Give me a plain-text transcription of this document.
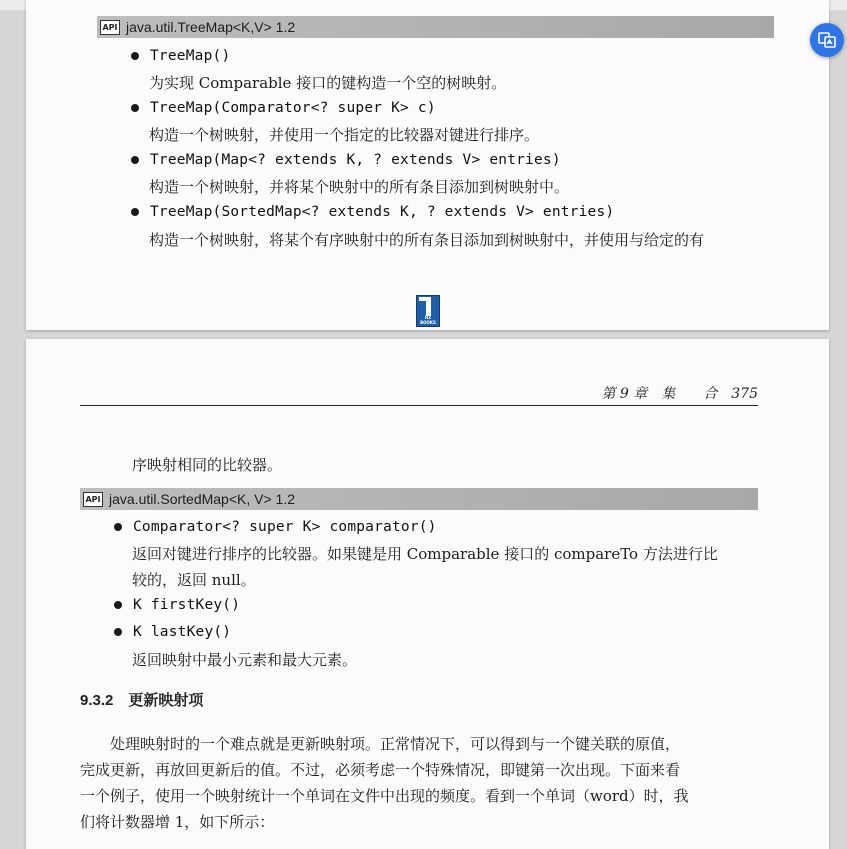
API java.util.TreeMap<K,V> 1.2
TreeMap()
为实现 Comparable 接口的键构造一个空的树映射。
TreeMap(Comparator<? super K> c)
构造一个树映射，并使用一个指定的比较器对键进行排序。
TreeMap(Map<? extends K, ? extends V> entries)
构造一个树映射，并将某个映射中的所有条目添加到树映射中。
TreeMap(SortedMap<? extends K, ? extends V> entries)
构造一个树映射，将某个有序映射中的所有条目添加到树映射中，并使用与给定的有
HZ BOOKS
第 9 章　集　　合　375
序映射相同的比较器。
API java.util.SortedMap<K, V> 1.2
Comparator<? super K> comparator()
返回对键进行排序的比较器。如果键是用 Comparable 接口的 compareTo 方法进行比
较的，返回 null。
K firstKey()
K lastKey()
返回映射中最小元素和最大元素。
9.3.2　更新映射项
　　处理映射时的一个难点就是更新映射项。正常情况下，可以得到与一个键关联的原值，
完成更新，再放回更新后的值。不过，必须考虑一个特殊情况，即键第一次出现。下面来看
一个例子，使用一个映射统计一个单词在文件中出现的频度。看到一个单词（word）时，我
们将计数器增 1，如下所示：
